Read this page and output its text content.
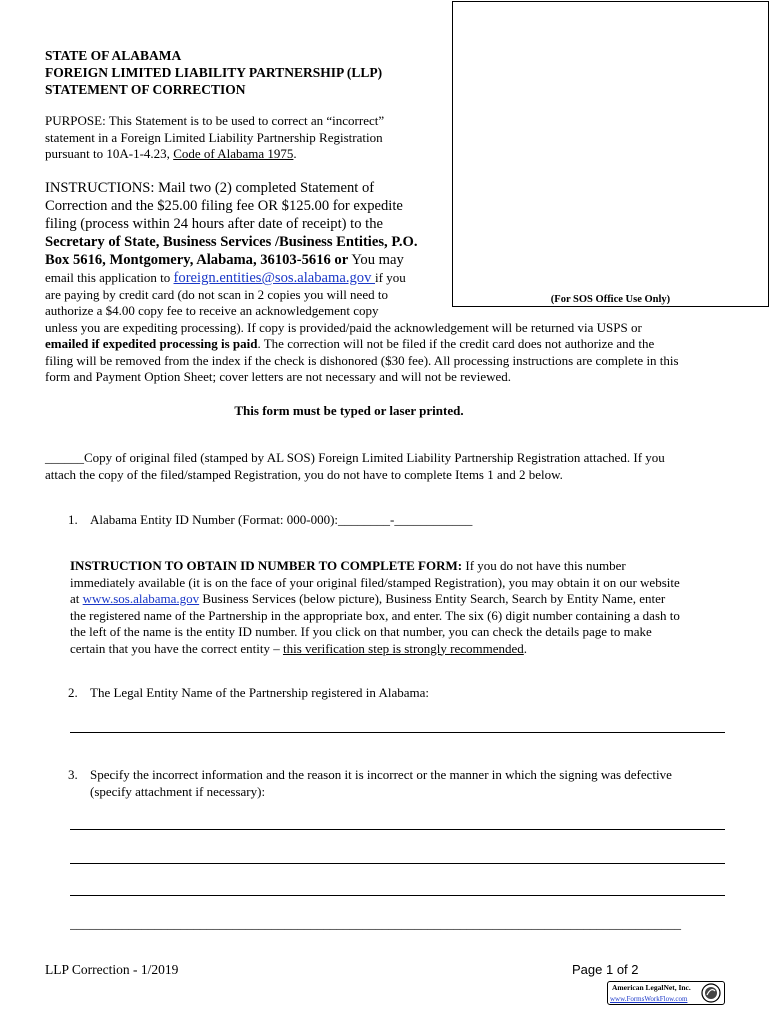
(For SOS Office Use Only)
STATE OF ALABAMA
FOREIGN LIMITED LIABILITY PARTNERSHIP (LLP)
STATEMENT OF CORRECTION
PURPOSE: This Statement is to be used to correct an “incorrect”
statement in a Foreign Limited Liability Partnership Registration
pursuant to 10A-1-4.23, Code of Alabama 1975.
INSTRUCTIONS: Mail two (2) completed Statement of
Correction and the $25.00 filing fee OR $125.00 for expedite
filing (process within 24 hours after date of receipt) to the
Secretary of State, Business Services /Business Entities, P.O.
Box 5616, Montgomery, Alabama, 36103-5616 or You may
email this application to foreign.entities@sos.alabama.gov if you
are paying by credit card (do not scan in 2 copies you will need to
authorize a $4.00 copy fee to receive an acknowledgement copy
unless you are expediting processing). If copy is provided/paid the acknowledgement will be returned via USPS or
emailed if expedited processing is paid. The correction will not be filed if the credit card does not authorize and the
filing will be removed from the index if the check is dishonored ($30 fee). All processing instructions are complete in this
form and Payment Option Sheet; cover letters are not necessary and will not be reviewed.
This form must be typed or laser printed.
______Copy of original filed (stamped by AL SOS) Foreign Limited Liability Partnership Registration attached. If you
attach the copy of the filed/stamped Registration, you do not have to complete Items 1 and 2 below.
1. Alabama Entity ID Number (Format: 000-000):________-____________
INSTRUCTION TO OBTAIN ID NUMBER TO COMPLETE FORM: If you do not have this number
immediately available (it is on the face of your original filed/stamped Registration), you may obtain it on our website
at www.sos.alabama.gov Business Services (below picture), Business Entity Search, Search by Entity Name, enter
the registered name of the Partnership in the appropriate box, and enter. The six (6) digit number containing a dash to
the left of the name is the entity ID number. If you click on that number, you can check the details page to make
certain that you have the correct entity – this verification step is strongly recommended.
2. The Legal Entity Name of the Partnership registered in Alabama:
3. Specify the incorrect information and the reason it is incorrect or the manner in which the signing was defective
(specify attachment if necessary):
______________________________________________________________________________________________
LLP Correction - 1/2019	Page 1 of 2
American LegalNet, Inc.
www.FormsWorkFlow.com
